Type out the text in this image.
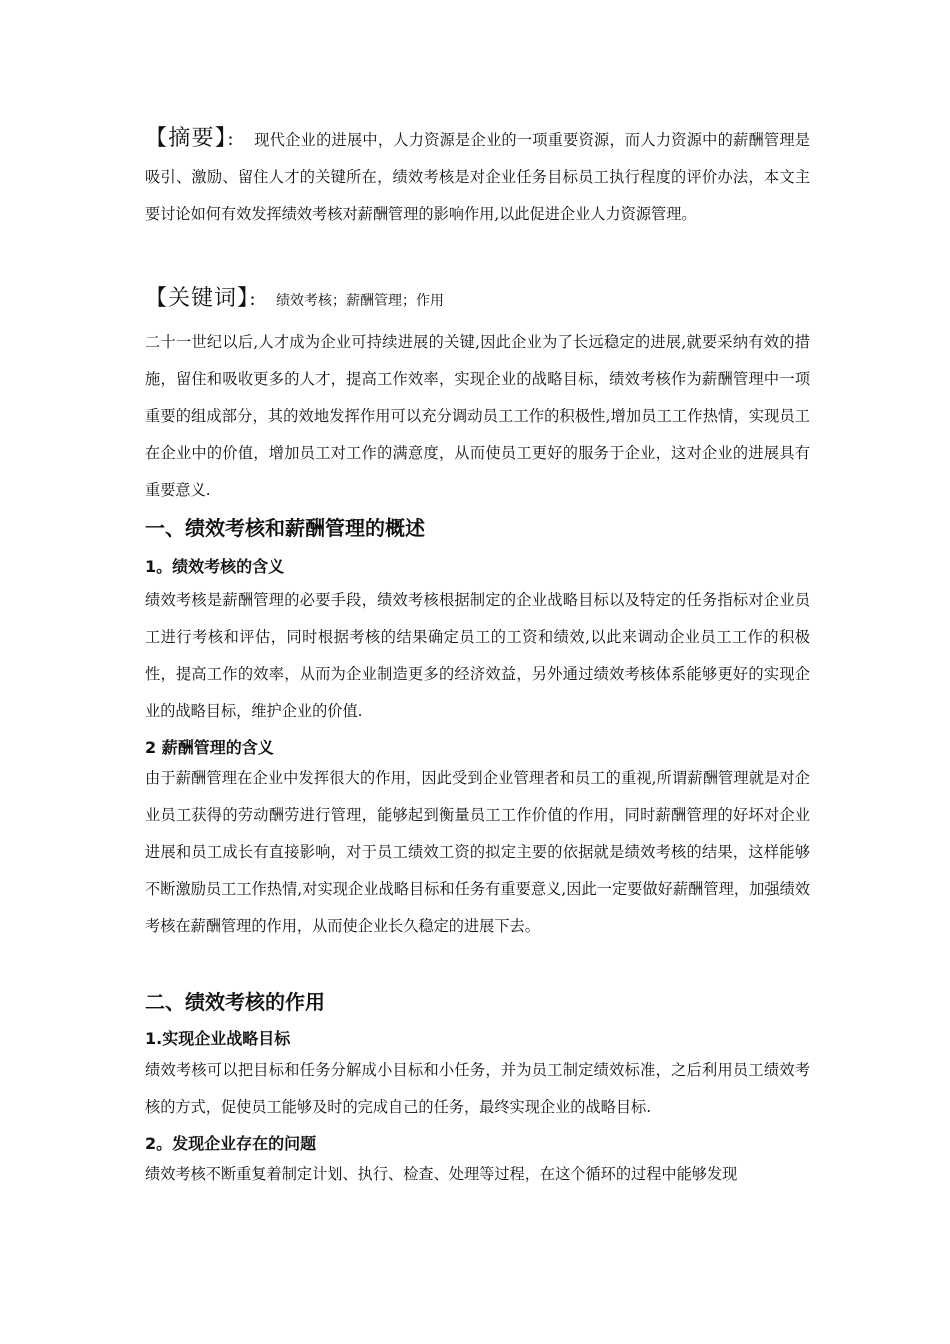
【摘要】： 现代企业的进展中，人力资源是企业的一项重要资源，而人力资源中的薪酬管理是吸引、激励、留住人才的关键所在，绩效考核是对企业任务目标员工执行程度的评价办法，本文主要讨论如何有效发挥绩效考核对薪酬管理的影响作用,以此促进企业人力资源管理。

【关键词】： 绩效考核；薪酬管理；作用

二十一世纪以后,人才成为企业可持续进展的关键,因此企业为了长远稳定的进展,就要采纳有效的措施，留住和吸收更多的人才，提高工作效率，实现企业的战略目标，绩效考核作为薪酬管理中一项重要的组成部分，其的效地发挥作用可以充分调动员工工作的积极性,增加员工工作热情，实现员工在企业中的价值，增加员工对工作的满意度，从而使员工更好的服务于企业，这对企业的进展具有重要意义.

一、绩效考核和薪酬管理的概述

1。绩效考核的含义

绩效考核是薪酬管理的必要手段，绩效考核根据制定的企业战略目标以及特定的任务指标对企业员工进行考核和评估，同时根据考核的结果确定员工的工资和绩效,以此来调动企业员工工作的积极性，提高工作的效率，从而为企业制造更多的经济效益，另外通过绩效考核体系能够更好的实现企业的战略目标，维护企业的价值.

2 薪酬管理的含义

由于薪酬管理在企业中发挥很大的作用，因此受到企业管理者和员工的重视,所谓薪酬管理就是对企业员工获得的劳动酬劳进行管理，能够起到衡量员工工作价值的作用，同时薪酬管理的好坏对企业进展和员工成长有直接影响，对于员工绩效工资的拟定主要的依据就是绩效考核的结果，这样能够不断激励员工工作热情,对实现企业战略目标和任务有重要意义,因此一定要做好薪酬管理，加强绩效考核在薪酬管理的作用，从而使企业长久稳定的进展下去。

二、绩效考核的作用

1.实现企业战略目标

绩效考核可以把目标和任务分解成小目标和小任务，并为员工制定绩效标准，之后利用员工绩效考核的方式，促使员工能够及时的完成自己的任务，最终实现企业的战略目标.

2。发现企业存在的问题

绩效考核不断重复着制定计划、执行、检查、处理等过程，在这个循环的过程中能够发现
